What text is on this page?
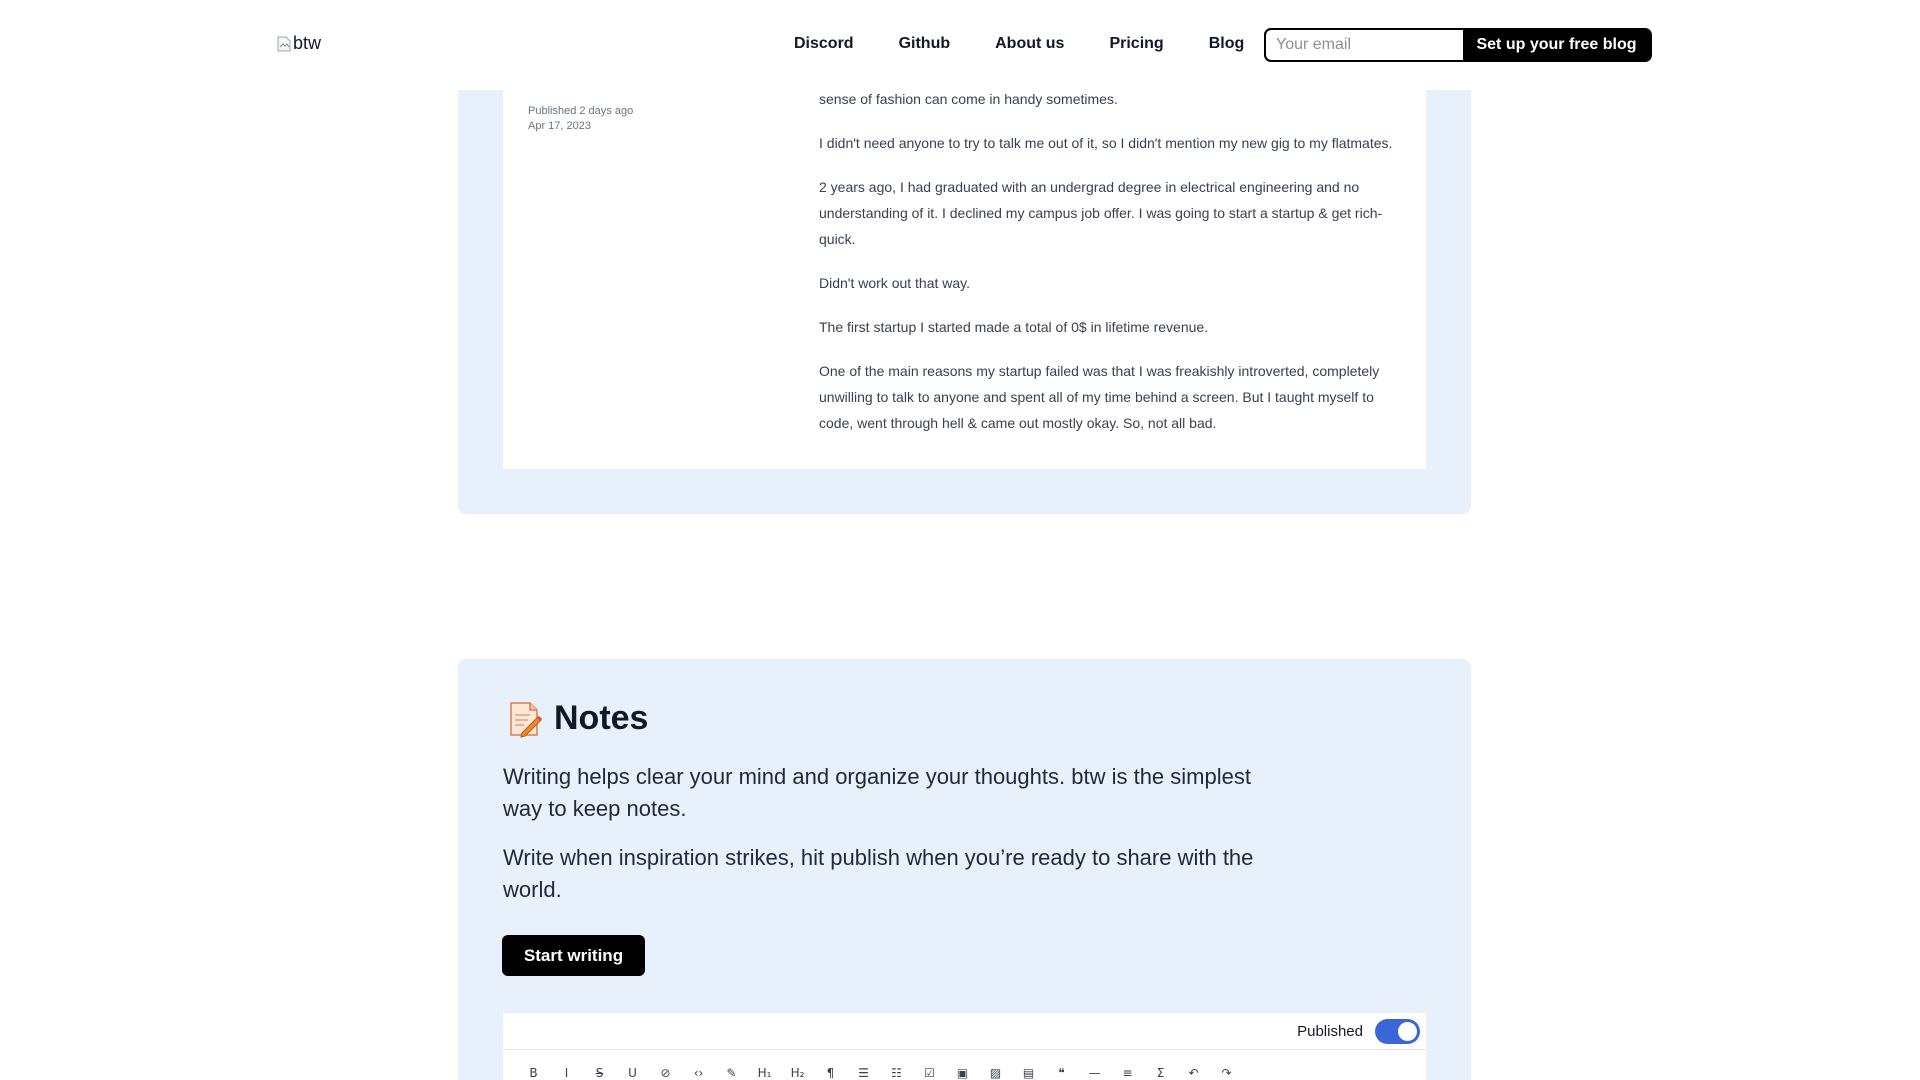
btw	Discord	Github	About us	Pricing	Blog
Your email	Set up your free blog
Published 2 days ago
Apr 17, 2023

sense of fashion can come in handy sometimes.

I didn't need anyone to try to talk me out of it, so I didn't mention my new gig to my flatmates.

2 years ago, I had graduated with an undergrad degree in electrical engineering and no understanding of it. I declined my campus job offer. I was going to start a startup & get rich-quick.

Didn't work out that way.

The first startup I started made a total of 0$ in lifetime revenue.

One of the main reasons my startup failed was that I was freakishly introverted, completely unwilling to talk to anyone and spent all of my time behind a screen. But I taught myself to code, went through hell & came out mostly okay. So, not all bad.

Notes

Writing helps clear your mind and organize your thoughts. btw is the simplest way to keep notes.

Write when inspiration strikes, hit publish when you’re ready to share with the world.

Start writing
Published
B	I	S̶	U	⊘	‹›	✎	H₁	H₂	¶	☰	☷	☑	▣	▨	▤	❝	—	≡	Σ	↶	↷
